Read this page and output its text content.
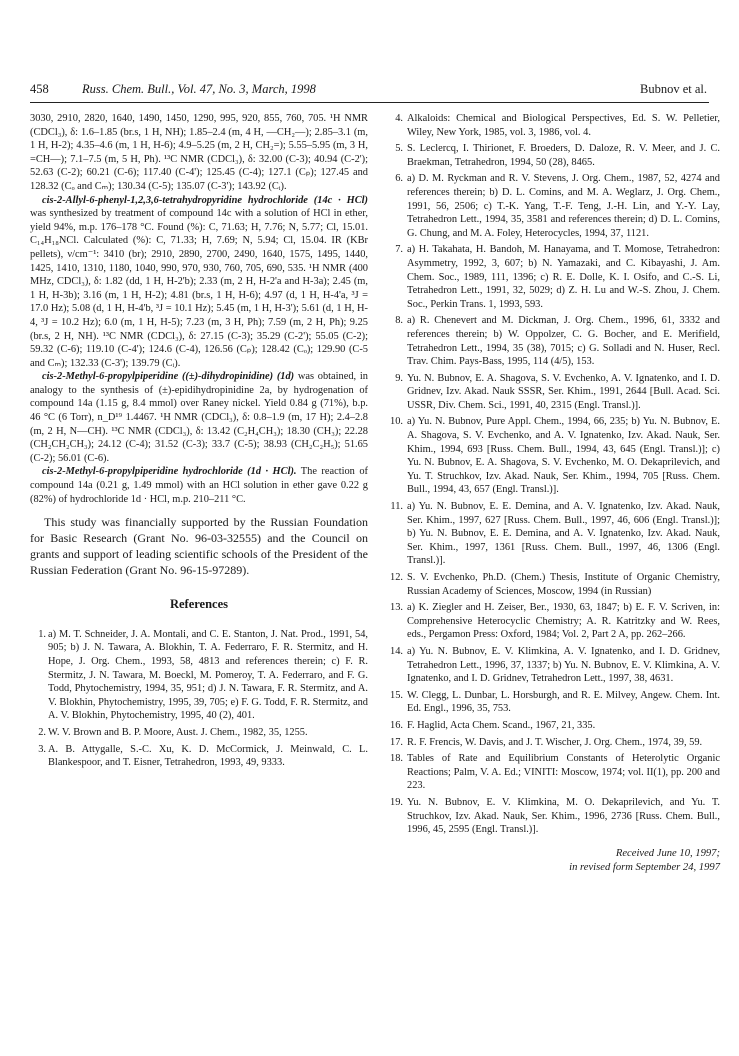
458	Russ. Chem. Bull., Vol. 47, No. 3, March, 1998	Bubnov et al.

3030, 2910, 2820, 1640, 1490, 1450, 1290, 995, 920, 855, 760, 705. ¹H NMR (CDCl₃), δ: 1.6–1.85 (br.s, 1 H, NH); 1.85–2.4 (m, 4 H, —CH₂—); 2.85–3.1 (m, 1 H, H-2); 4.35–4.6 (m, 1 H, H-6); 4.9–5.25 (m, 2 H, CH₂=); 5.55–5.95 (m, 3 H, =CH—); 7.1–7.5 (m, 5 H, Ph). ¹³C NMR (CDCl₃), δ: 32.00 (C-3); 40.94 (C-2'); 52.63 (C-2); 60.21 (C-6); 117.40 (C-4'); 125.45 (C-4); 127.1 (Cₚ); 127.45 and 128.32 (Cₒ and Cₘ); 130.34 (C-5); 135.07 (C-3'); 143.92 (Cᵢ).

cis-2-Allyl-6-phenyl-1,2,3,6-tetrahydropyridine hydrochloride (14c · HCl) was synthesized by treatment of compound 14c with a solution of HCl in ether, yield 94%, m.p. 176–178 °C. Found (%): C, 71.63; H, 7.76; N, 5.77; Cl, 15.01. C₁₄H₁₈NCl. Calculated (%): C, 71.33; H, 7.69; N, 5.94; Cl, 15.04. IR (KBr pellets), ν/cm⁻¹: 3410 (br); 2910, 2890, 2700, 2490, 1640, 1575, 1495, 1440, 1425, 1410, 1310, 1180, 1040, 990, 970, 930, 760, 705, 690, 535. ¹H NMR (400 MHz, CDCl₃), δ: 1.82 (dd, 1 H, H-2'b); 2.33 (m, 2 H, H-2'a and H-3a); 2.45 (m, 1 H, H-3b); 3.16 (m, 1 H, H-2); 4.81 (br.s, 1 H, H-6); 4.97 (d, 1 H, H-4'a, ³J = 17.0 Hz); 5.08 (d, 1 H, H-4'b, ³J = 10.1 Hz); 5.45 (m, 1 H, H-3'); 5.61 (d, 1 H, H-4, ³J = 10.2 Hz); 6.0 (m, 1 H, H-5); 7.23 (m, 3 H, Ph); 7.59 (m, 2 H, Ph); 9.25 (br.s, 2 H, NH). ¹³C NMR (CDCl₃), δ: 27.15 (C-3); 35.29 (C-2'); 55.05 (C-2); 59.32 (C-6); 119.10 (C-4'); 124.6 (C-4), 126.56 (Cₚ); 128.42 (Cₒ); 129.90 (C-5 and Cₘ); 132.33 (C-3'); 139.79 (Cᵢ).

cis-2-Methyl-6-propylpiperidine ((±)-dihydropinidine) (1d) was obtained, in analogy to the synthesis of (±)-epidihydropinidine 2a, by hydrogenation of compound 14a (1.15 g, 8.4 mmol) over Raney nickel. Yield 0.84 g (71%), b.p. 46 °C (6 Torr), n_D¹⁹ 1.4467. ¹H NMR (CDCl₃), δ: 0.8–1.9 (m, 17 H); 2.4–2.8 (m, 2 H, N—CH). ¹³C NMR (CDCl₃), δ: 13.42 (C₂H₄CH₃); 18.30 (CH₃); 22.28 (CH₂CH₂CH₃); 24.12 (C-4); 31.52 (C-3); 33.7 (C-5); 38.93 (CH₂C₂H₅); 51.65 (C-2); 56.01 (C-6).

cis-2-Methyl-6-propylpiperidine hydrochloride (1d · HCl). The reaction of compound 14a (0.21 g, 1.49 mmol) with an HCl solution in ether gave 0.22 g (82%) of hydrochloride 1d · HCl, m.p. 210–211 °C.

This study was financially supported by the Russian Foundation for Basic Research (Grant No. 96-03-32555) and the Council on grants and support of leading scientific schools of the President of the Russian Federation (Grant No. 96-15-97289).

References

1. a) M. T. Schneider, J. A. Montali, and C. E. Stanton, J. Nat. Prod., 1991, 54, 905; b) J. N. Tawara, A. Blokhin, T. A. Federraro, F. R. Stermitz, and H. Hope, J. Org. Chem., 1993, 58, 4813 and references therein; c) F. R. Stermitz, J. N. Tawara, M. Boeckl, M. Pomeroy, T. A. Federraro, and F. G. Todd, Phytochemistry, 1994, 35, 951; d) J. N. Tawara, F. R. Stermitz, and A. V. Blokhin, Phytochemistry, 1995, 39, 705; e) F. G. Todd, F. R. Stermitz, and A. V. Blokhin, Phytochemistry, 1995, 40 (2), 401.
2. W. V. Brown and B. P. Moore, Aust. J. Chem., 1982, 35, 1255.
3. A. B. Attygalle, S.-C. Xu, K. D. McCormick, J. Meinwald, C. L. Blankespoor, and T. Eisner, Tetrahedron, 1993, 49, 9333.
4. Alkaloids: Chemical and Biological Perspectives, Ed. S. W. Pelletier, Wiley, New York, 1985, vol. 3, 1986, vol. 4.
5. S. Leclercq, I. Thirionet, F. Broeders, D. Daloze, R. V. Meer, and J. C. Braekman, Tetrahedron, 1994, 50 (28), 8465.
6. a) D. M. Ryckman and R. V. Stevens, J. Org. Chem., 1987, 52, 4274 and references therein; b) D. L. Comins, and M. A. Weglarz, J. Org. Chem., 1991, 56, 2506; c) T.-K. Yang, T.-F. Teng, J.-H. Lin, and Y.-Y. Lay, Tetrahedron Lett., 1994, 35, 3581 and references therein; d) D. L. Comins, G. Chung, and M. A. Foley, Heterocycles, 1994, 37, 1121.
7. a) H. Takahata, H. Bandoh, M. Hanayama, and T. Momose, Tetrahedron: Asymmetry, 1992, 3, 607; b) N. Yamazaki, and C. Kibayashi, J. Am. Chem. Soc., 1989, 111, 1396; c) R. E. Dolle, K. I. Osifo, and C.-S. Li, Tetrahedron Lett., 1991, 32, 5029; d) Z. H. Lu and W.-S. Zhou, J. Chem. Soc., Perkin Trans. 1, 1993, 593.
8. a) R. Chenevert and M. Dickman, J. Org. Chem., 1996, 61, 3332 and references therein; b) W. Oppolzer, C. G. Bocher, and E. Merifield, Tetrahedron Lett., 1994, 35 (38), 7015; c) G. Solladi and N. Huser, Recl. Trav. Chim. Pays-Bass, 1995, 114 (4/5), 153.
9. Yu. N. Bubnov, E. A. Shagova, S. V. Evchenko, A. V. Ignatenko, and I. D. Gridnev, Izv. Akad. Nauk SSSR, Ser. Khim., 1991, 2644 [Bull. Acad. Sci. USSR, Div. Chem. Sci., 1991, 40, 2315 (Engl. Transl.)].
10. a) Yu. N. Bubnov, Pure Appl. Chem., 1994, 66, 235; b) Yu. N. Bubnov, E. A. Shagova, S. V. Evchenko, and A. V. Ignatenko, Izv. Akad. Nauk, Ser. Khim., 1994, 693 [Russ. Chem. Bull., 1994, 43, 645 (Engl. Transl.)]; c) Yu. N. Bubnov, E. A. Shagova, S. V. Evchenko, M. O. Dekaprilevich, and Yu. T. Struchkov, Izv. Akad. Nauk, Ser. Khim., 1994, 705 [Russ. Chem. Bull., 1994, 43, 657 (Engl. Transl.)].
11. a) Yu. N. Bubnov, E. E. Demina, and A. V. Ignatenko, Izv. Akad. Nauk, Ser. Khim., 1997, 627 [Russ. Chem. Bull., 1997, 46, 606 (Engl. Transl.)]; b) Yu. N. Bubnov, E. E. Demina, and A. V. Ignatenko, Izv. Akad. Nauk, Ser. Khim., 1997, 1361 [Russ. Chem. Bull., 1997, 46, 1306 (Engl. Transl.)].
12. S. V. Evchenko, Ph.D. (Chem.) Thesis, Institute of Organic Chemistry, Russian Academy of Sciences, Moscow, 1994 (in Russian)
13. a) K. Ziegler and H. Zeiser, Ber., 1930, 63, 1847; b) E. F. V. Scriven, in: Comprehensive Heterocyclic Chemistry; A. R. Katritzky and W. Rees, eds., Pergamon Press: Oxford, 1984; Vol. 2, Part 2 A, pp. 262–266.
14. a) Yu. N. Bubnov, E. V. Klimkina, A. V. Ignatenko, and I. D. Gridnev, Tetrahedron Lett., 1996, 37, 1337; b) Yu. N. Bubnov, E. V. Klimkina, A. V. Ignatenko, and I. D. Gridnev, Tetrahedron Lett., 1997, 38, 4631.
15. W. Clegg, L. Dunbar, L. Horsburgh, and R. E. Milvey, Angew. Chem. Int. Ed. Engl., 1996, 35, 753.
16. F. Haglid, Acta Chem. Scand., 1967, 21, 335.
17. R. F. Frencis, W. Davis, and J. T. Wischer, J. Org. Chem., 1974, 39, 59.
18. Tables of Rate and Equilibrium Constants of Heterolytic Organic Reactions; Palm, V. A. Ed.; VINITI: Moscow, 1974; vol. II(1), pp. 200 and 223.
19. Yu. N. Bubnov, E. V. Klimkina, M. O. Dekaprilevich, and Yu. T. Struchkov, Izv. Akad. Nauk, Ser. Khim., 1996, 2736 [Russ. Chem. Bull., 1996, 45, 2595 (Engl. Transl.)].
Received June 10, 1997;
in revised form September 24, 1997
